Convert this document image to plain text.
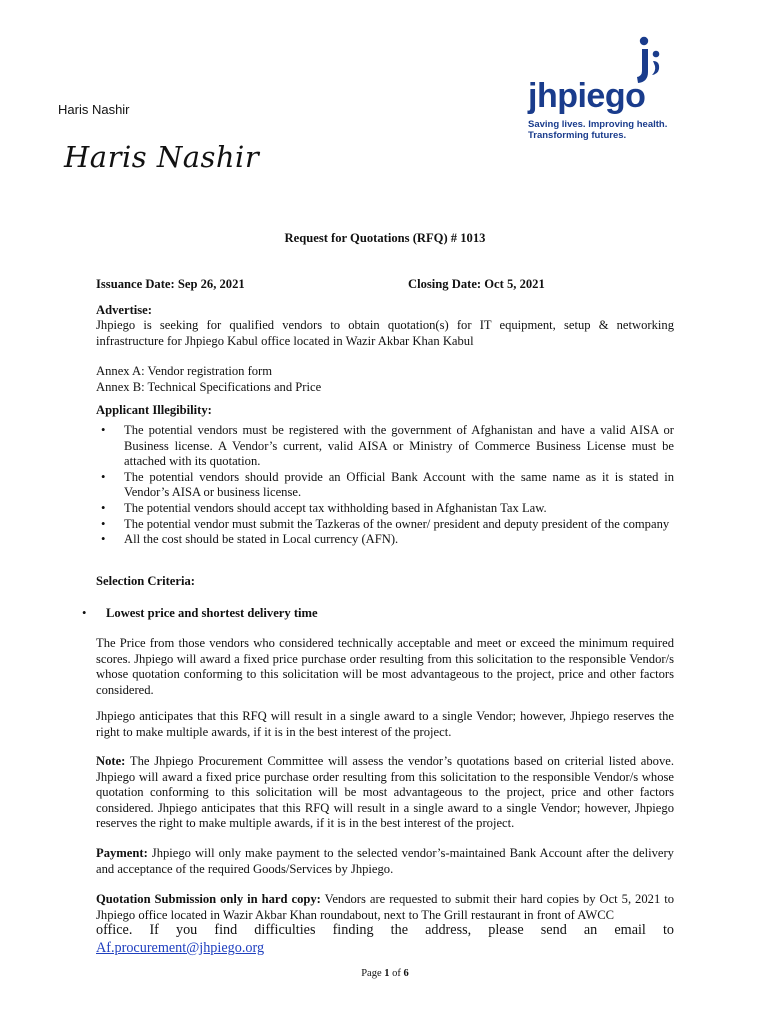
Haris Nashir
Haris Nashir
jhpiego
Saving lives. Improving health.
Transforming futures.
Request for Quotations (RFQ) # 1013
Issuance Date: Sep 26, 2021	Closing Date: Oct 5, 2021
Advertise:
Jhpiego is seeking for qualified vendors to obtain quotation(s) for IT equipment, setup & networking infrastructure for Jhpiego Kabul office located in Wazir Akbar Khan Kabul
Annex A: Vendor registration form
Annex B: Technical Specifications and Price
Applicant Illegibility:
• The potential vendors must be registered with the government of Afghanistan and have a valid AISA or Business license. A Vendor’s current, valid AISA or Ministry of Commerce Business License must be attached with its quotation.
• The potential vendors should provide an Official Bank Account with the same name as it is stated in Vendor’s AISA or business license.
• The potential vendors should accept tax withholding based in Afghanistan Tax Law.
• The potential vendor must submit the Tazkeras of the owner/ president and deputy president of the company
• All the cost should be stated in Local currency (AFN).
Selection Criteria:
• Lowest price and shortest delivery time
The Price from those vendors who considered technically acceptable and meet or exceed the minimum required scores. Jhpiego will award a fixed price purchase order resulting from this solicitation to the responsible Vendor/s whose quotation conforming to this solicitation will be most advantageous to the project, price and other factors considered.
Jhpiego anticipates that this RFQ will result in a single award to a single Vendor; however, Jhpiego reserves the right to make multiple awards, if it is in the best interest of the project.
Note: The Jhpiego Procurement Committee will assess the vendor’s quotations based on criterial listed above. Jhpiego will award a fixed price purchase order resulting from this solicitation to the responsible Vendor/s whose quotation conforming to this solicitation will be most advantageous to the project, price and other factors considered. Jhpiego anticipates that this RFQ will result in a single award to a single Vendor; however, Jhpiego reserves the right to make multiple awards, if it is in the best interest of the project.
Payment: Jhpiego will only make payment to the selected vendor’s-maintained Bank Account after the delivery and acceptance of the required Goods/Services by Jhpiego.
Quotation Submission only in hard copy: Vendors are requested to submit their hard copies by Oct 5, 2021 to Jhpiego office located in Wazir Akbar Khan roundabout, next to The Grill restaurant in front of AWCC
office. If you find difficulties finding the address, please send an email to
Af.procurement@jhpiego.org
Page 1 of 6
